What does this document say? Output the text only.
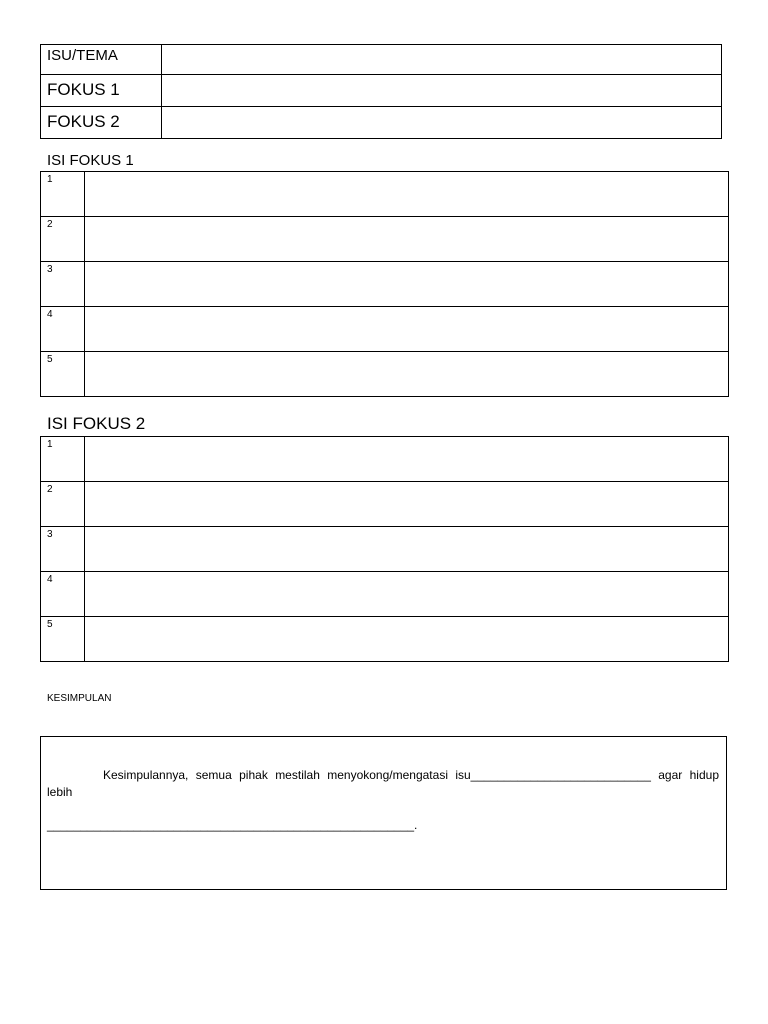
ISU/TEMA	
FOKUS 1	
FOKUS 2	
ISI FOKUS 1
1	
2	
3	
4	
5	
ISI FOKUS 2
1	
2	
3	
4	
5	

KESIMPULAN

Kesimpulannya, semua pihak mestilah menyokong/mengatasi isu___________________________ agar hidup lebih
_______________________________________________________.
